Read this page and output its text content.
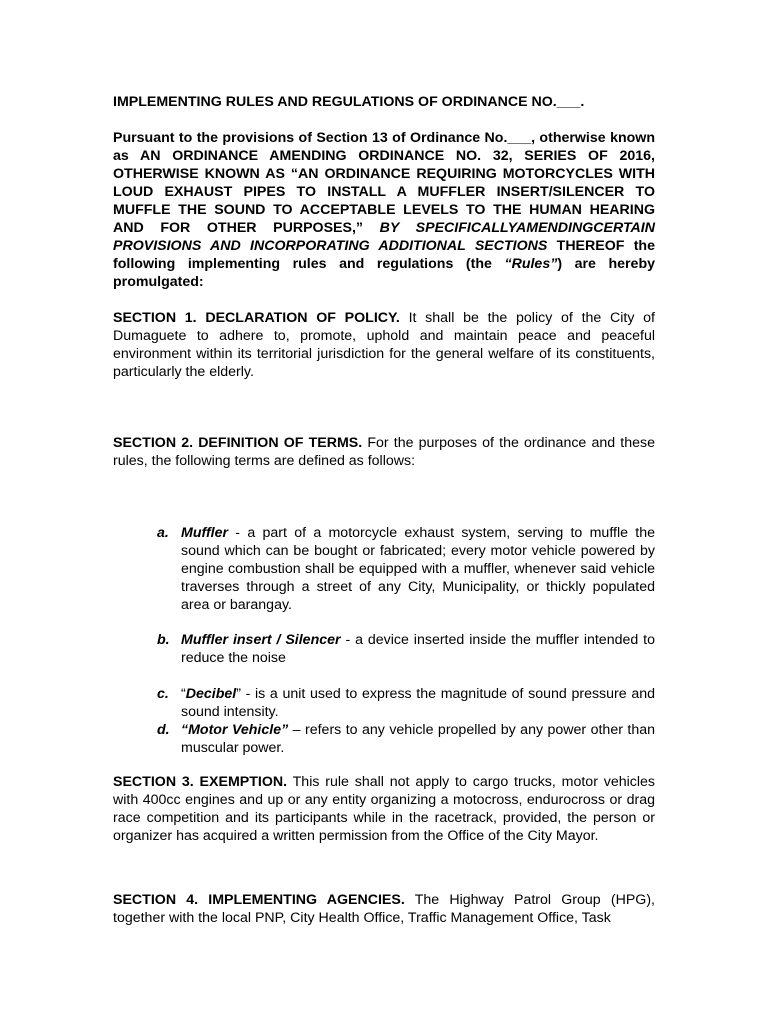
IMPLEMENTING RULES AND REGULATIONS OF ORDINANCE NO.___.

Pursuant to the provisions of Section 13 of Ordinance No.___, otherwise known as AN ORDINANCE AMENDING ORDINANCE NO. 32, SERIES OF 2016, OTHERWISE KNOWN AS “AN ORDINANCE REQUIRING MOTORCYCLES WITH LOUD EXHAUST PIPES TO INSTALL A MUFFLER INSERT/SILENCER TO MUFFLE THE SOUND TO ACCEPTABLE LEVELS TO THE HUMAN HEARING AND FOR OTHER PURPOSES,” BY SPECIFICALLYAMENDINGCERTAIN PROVISIONS AND INCORPORATING ADDITIONAL SECTIONS THEREOF the following implementing rules and regulations (the “Rules”) are hereby promulgated:

SECTION 1. DECLARATION OF POLICY. It shall be the policy of the City of Dumaguete to adhere to, promote, uphold and maintain peace and peaceful environment within its territorial jurisdiction for the general welfare of its constituents, particularly the elderly.

SECTION 2. DEFINITION OF TERMS. For the purposes of the ordinance and these rules, the following terms are defined as follows:

a. Muffler - a part of a motorcycle exhaust system, serving to muffle the sound which can be bought or fabricated; every motor vehicle powered by engine combustion shall be equipped with a muffler, whenever said vehicle traverses through a street of any City, Municipality, or thickly populated area or barangay.
b. Muffler insert / Silencer - a device inserted inside the muffler intended to reduce the noise
c. “Decibel” - is a unit used to express the magnitude of sound pressure and sound intensity.
d. “Motor Vehicle” – refers to any vehicle propelled by any power other than muscular power.

SECTION 3. EXEMPTION. This rule shall not apply to cargo trucks, motor vehicles with 400cc engines and up or any entity organizing a motocross, endurocross or drag race competition and its participants while in the racetrack, provided, the person or organizer has acquired a written permission from the Office of the City Mayor.

SECTION 4. IMPLEMENTING AGENCIES. The Highway Patrol Group (HPG), together with the local PNP, City Health Office, Traffic Management Office, Task
